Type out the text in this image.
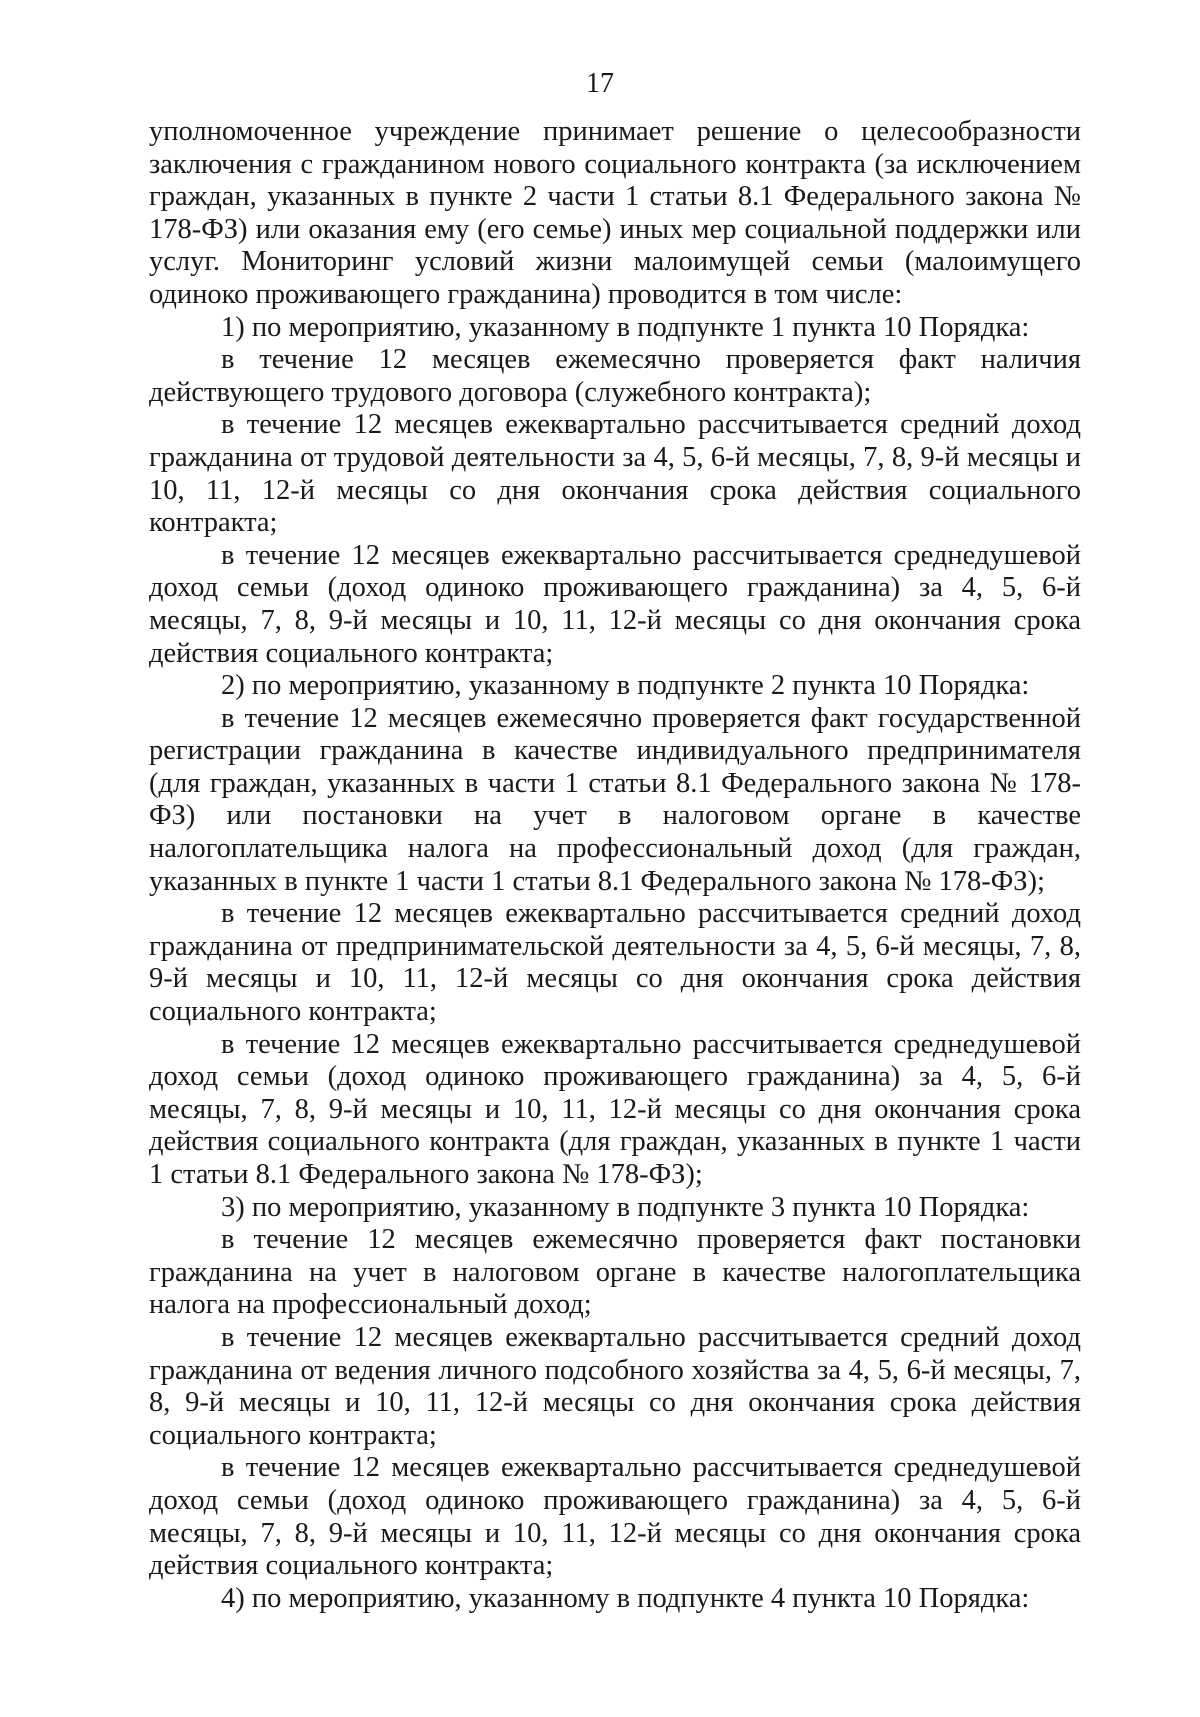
17

уполномоченное учреждение принимает решение о целесообразности заключения с гражданином нового социального контракта (за исключением граждан, указанных в пункте 2 части 1 статьи 8.1 Федерального закона № 178-ФЗ) или оказания ему (его семье) иных мер социальной поддержки или услуг. Мониторинг условий жизни малоимущей семьи (малоимущего одиноко проживающего гражданина) проводится в том числе:

1) по мероприятию, указанному в подпункте 1 пункта 10 Порядка:

в течение 12 месяцев ежемесячно проверяется факт наличия действующего трудового договора (служебного контракта);

в течение 12 месяцев ежеквартально рассчитывается средний доход гражданина от трудовой деятельности за 4, 5, 6-й месяцы, 7, 8, 9-й месяцы и 10, 11, 12-й месяцы со дня окончания срока действия социального контракта;

в течение 12 месяцев ежеквартально рассчитывается среднедушевой доход семьи (доход одиноко проживающего гражданина) за 4, 5, 6-й месяцы, 7, 8, 9-й месяцы и 10, 11, 12-й месяцы со дня окончания срока действия социального контракта;

2) по мероприятию, указанному в подпункте 2 пункта 10 Порядка:

в течение 12 месяцев ежемесячно проверяется факт государственной регистрации гражданина в качестве индивидуального предпринимателя (для граждан, указанных в части 1 статьи 8.1 Федерального закона № 178-ФЗ) или постановки на учет в налоговом органе в качестве налогоплательщика налога на профессиональный доход (для граждан, указанных в пункте 1 части 1 статьи 8.1 Федерального закона № 178-ФЗ);

в течение 12 месяцев ежеквартально рассчитывается средний доход гражданина от предпринимательской деятельности за 4, 5, 6-й месяцы, 7, 8, 9-й месяцы и 10, 11, 12-й месяцы со дня окончания срока действия социального контракта;

в течение 12 месяцев ежеквартально рассчитывается среднедушевой доход семьи (доход одиноко проживающего гражданина) за 4, 5, 6-й месяцы, 7, 8, 9-й месяцы и 10, 11, 12-й месяцы со дня окончания срока действия социального контракта (для граждан, указанных в пункте 1 части 1 статьи 8.1 Федерального закона № 178-ФЗ);

3) по мероприятию, указанному в подпункте 3 пункта 10 Порядка:

в течение 12 месяцев ежемесячно проверяется факт постановки гражданина на учет в налоговом органе в качестве налогоплательщика налога на профессиональный доход;

в течение 12 месяцев ежеквартально рассчитывается средний доход гражданина от ведения личного подсобного хозяйства за 4, 5, 6-й месяцы, 7, 8, 9-й месяцы и 10, 11, 12-й месяцы со дня окончания срока действия социального контракта;

в течение 12 месяцев ежеквартально рассчитывается среднедушевой доход семьи (доход одиноко проживающего гражданина) за 4, 5, 6-й месяцы, 7, 8, 9-й месяцы и 10, 11, 12-й месяцы со дня окончания срока действия социального контракта;

4) по мероприятию, указанному в подпункте 4 пункта 10 Порядка:
